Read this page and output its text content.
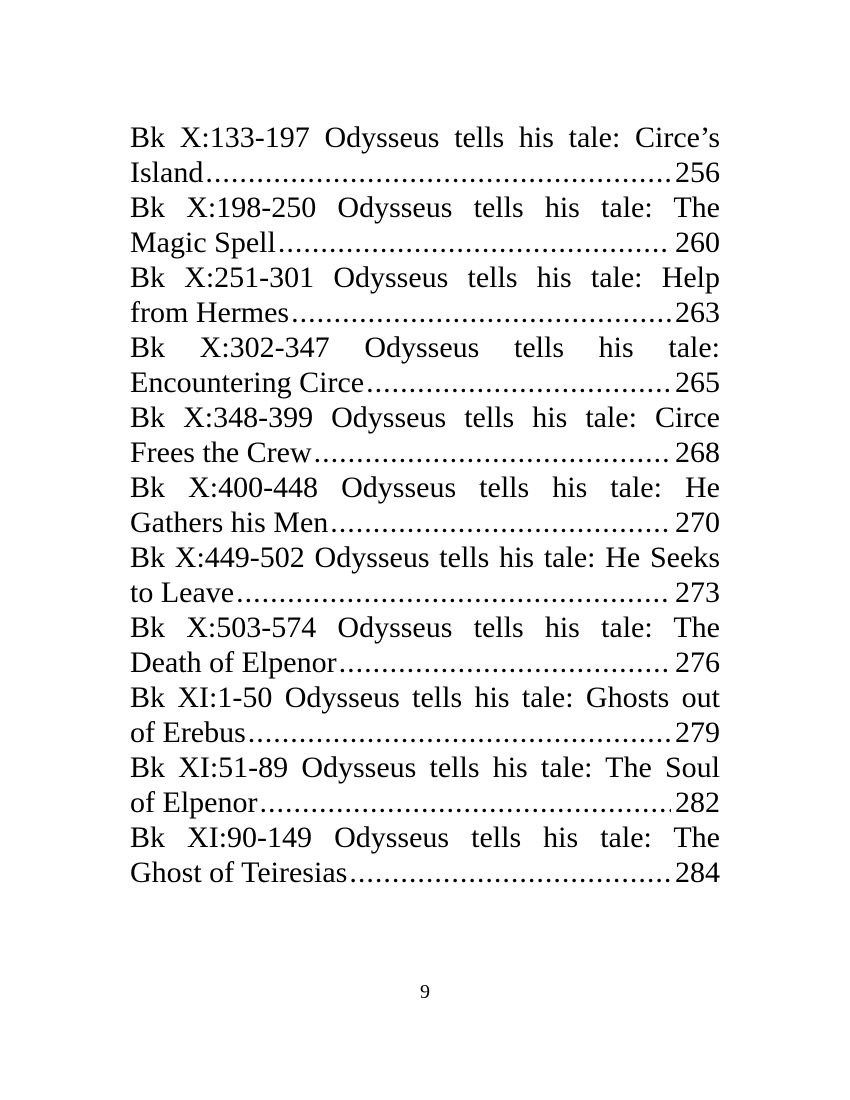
Bk X:133-197 Odysseus tells his tale: Circe’s
Island .....	256
Bk X:198-250 Odysseus tells his tale: The
Magic Spell .....	260
Bk X:251-301 Odysseus tells his tale: Help
from Hermes .....	263
Bk X:302-347 Odysseus tells his tale:
Encountering Circe .....	265
Bk X:348-399 Odysseus tells his tale: Circe
Frees the Crew .....	268
Bk X:400-448 Odysseus tells his tale: He
Gathers his Men .....	270
Bk X:449-502 Odysseus tells his tale: He Seeks
to Leave .....	273
Bk X:503-574 Odysseus tells his tale: The
Death of Elpenor .....	276
Bk XI:1-50 Odysseus tells his tale: Ghosts out
of Erebus .....	279
Bk XI:51-89 Odysseus tells his tale: The Soul
of Elpenor .....	282
Bk XI:90-149 Odysseus tells his tale: The
Ghost of Teiresias .....	284
9
